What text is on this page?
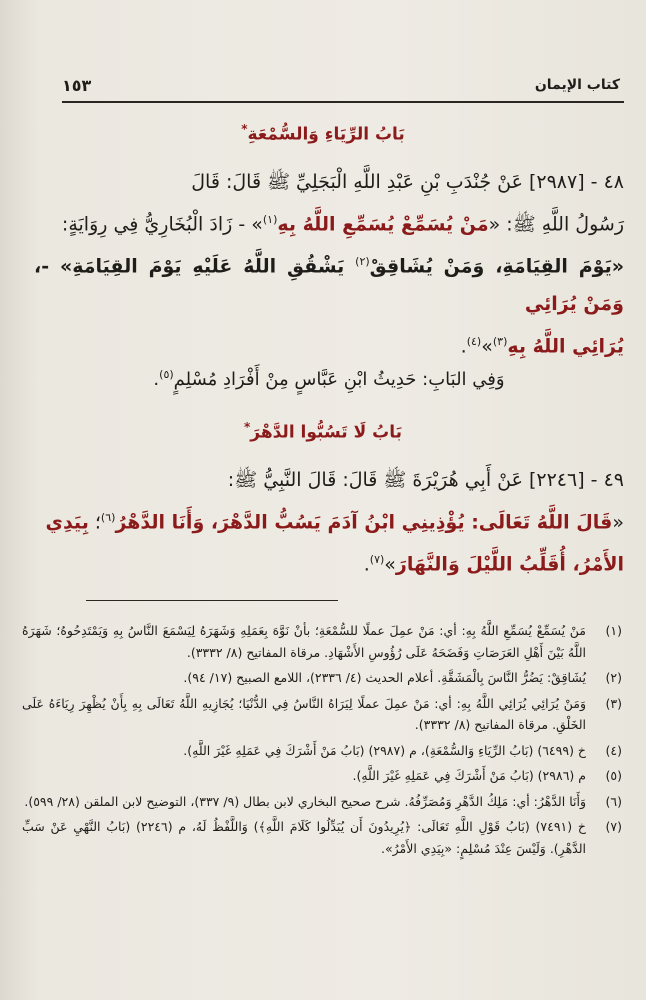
كتاب الإيمان
١٥٣
بَابُ الرِّيَاءِ وَالسُّمْعَةِ*
٤٨ - [٢٩٨٧] عَنْ جُنْدَبِ بْنِ عَبْدِ اللَّهِ الْبَجَلِيِّ ﷺ قَالَ: قَالَ
رَسُولُ اللَّهِ ﷺ: «مَنْ يُسَمِّعْ يُسَمِّعِ اللَّهُ بِهِ$^{(١)}$» - زَادَ الْبُخَارِيُّ فِي رِوَايَةٍ:
«يَوْمَ القِيَامَةِ، وَمَنْ يُشَاقِقْ$^{(٢)}$ يَشْقُقِ اللَّهُ عَلَيْهِ يَوْمَ القِيَامَةِ» -، وَمَنْ يُرَائِي
يُرَائِي اللَّهُ بِهِ$^{(٣)}$»$^{(٤)}$.
وَفِي البَابِ: حَدِيثُ ابْنِ عَبَّاسٍ مِنْ أَفْرَادِ مُسْلِمٍ$^{(٥)}$.
بَابُ لَا تَسُبُّوا الدَّهْرَ*
٤٩ - [٢٢٤٦] عَنْ أَبِي هُرَيْرَةَ ﷺ قَالَ: قَالَ النَّبِيُّ ﷺ:
«قَالَ اللَّهُ تَعَالَى: يُؤْذِينِي ابْنُ آدَمَ يَسُبُّ الدَّهْرَ، وَأَنَا الدَّهْرُ$^{(٦)}$؛ بِيَدِي
الأَمْرُ، أُقَلِّبُ اللَّيْلَ وَالنَّهَارَ»$^{(٧)}$.
(١)
مَنْ يُسَمِّعْ يُسَمِّعِ اللَّهُ بِهِ: أي: مَنْ عمِلَ عملًا للسُّمْعَةِ؛ بأنْ نَوَّهَ بِعَمَلِهِ وَشَهَرَهُ لِيَسْمَعَ النَّاسُ بِهِ وَيَمْتَدِحُوهُ؛ شَهَرَهُ اللَّهُ بَيْنَ أَهْلِ العَرَصَاتِ وَفَضَحَهُ عَلَى رُؤُوسِ الأَشْهَادِ. مرقاة المفاتيح (٨/ ٣٣٣٢).
(٢)
يُشَاقِقْ: يَضُرُّ النَّاسَ بِالْمَشَقَّةِ. أعلام الحديث (٤/ ٢٣٣٦)، اللامع الصبيح (١٧/ ٩٤).
(٣)
وَمَنْ يُرَائِي يُرَائِي اللَّهُ بِهِ: أي: مَنْ عمِلَ عملًا لِيَرَاهُ النَّاسُ فِي الدُّنْيَا؛ يُجَازِيهِ اللَّهُ تَعَالَى بِهِ بِأَنْ يُظْهِرَ رِيَاءَهُ عَلَى الخَلْقِ. مرقاة المفاتيح (٨/ ٣٣٣٢).
(٤)
خ (٦٤٩٩) (بَابُ الرِّيَاءِ وَالسُّمْعَةِ)، م (٢٩٨٧) (بَابُ مَنْ أَشْرَكَ فِي عَمَلِهِ غَيْرَ اللَّهِ).
(٥)
م (٢٩٨٦) (بَابُ مَنْ أَشْرَكَ فِي عَمَلِهِ غَيْرَ اللَّهِ).
(٦)
وَأَنَا الدَّهْرُ: أي: مَلِكُ الدَّهْرِ وَمُصَرِّفُهُ. شرح صحيح البخاري لابن بطال (٩/ ٣٣٧)، التوضيح لابن الملقن (٢٨/ ٥٩٩).
(٧)
خ (٧٤٩١) (بَابُ قَوْلِ اللَّهِ تَعَالَى: ﴿يُرِيدُونَ أَن يُبَدِّلُوا كَلَامَ اللَّهِ﴾) وَاللَّفْظُ لَهُ، م (٢٢٤٦) (بَابُ النَّهْيِ عَنْ سَبِّ الدَّهْرِ). وَلَيْسَ عِنْدَ مُسْلِمٍ: «بِيَدِي الأَمْرُ».
